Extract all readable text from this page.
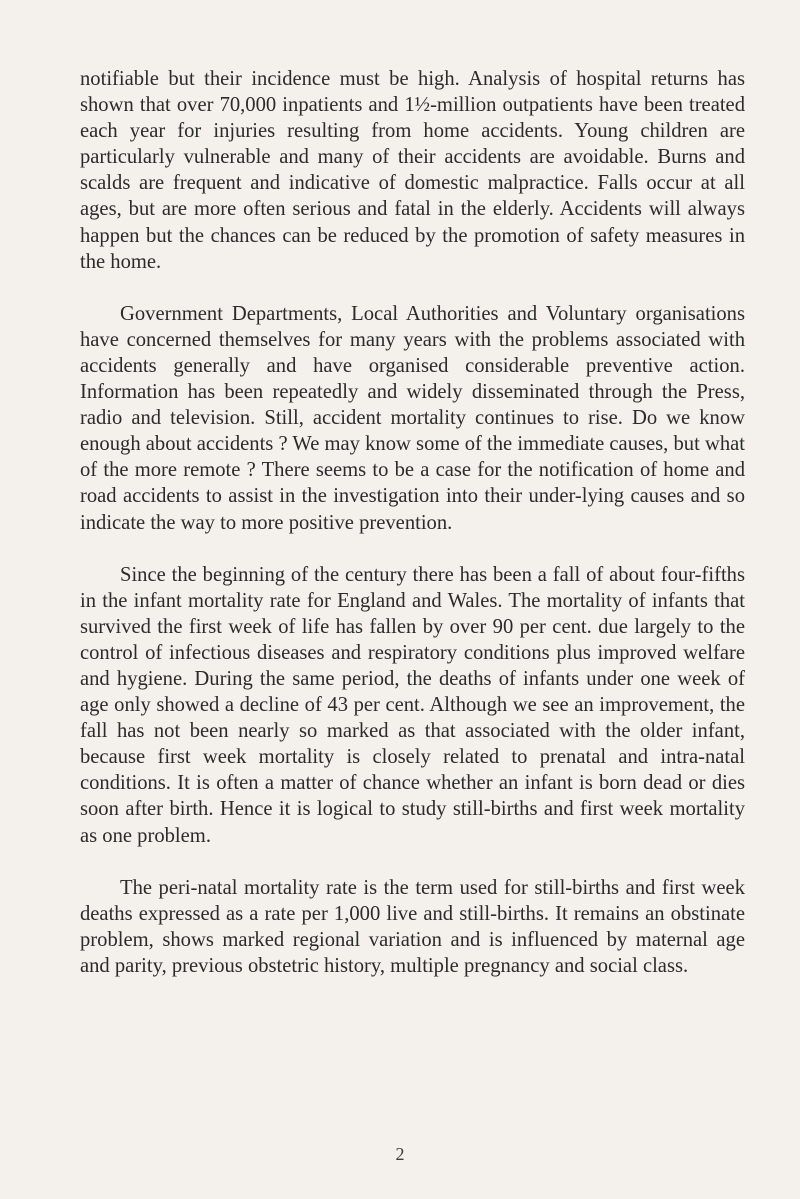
notifiable but their incidence must be high. Analysis of hospital returns has shown that over 70,000 inpatients and 1½-million outpatients have been treated each year for injuries resulting from home accidents. Young children are particularly vulnerable and many of their accidents are avoidable. Burns and scalds are frequent and indicative of domestic malpractice. Falls occur at all ages, but are more often serious and fatal in the elderly. Accidents will always happen but the chances can be reduced by the promotion of safety measures in the home.

Government Departments, Local Authorities and Voluntary organisations have concerned themselves for many years with the problems associated with accidents generally and have organised considerable preventive action. Information has been repeatedly and widely disseminated through the Press, radio and television. Still, accident mortality continues to rise. Do we know enough about accidents ? We may know some of the immediate causes, but what of the more remote ? There seems to be a case for the notification of home and road accidents to assist in the investigation into their under-lying causes and so indicate the way to more positive prevention.

Since the beginning of the century there has been a fall of about four-fifths in the infant mortality rate for England and Wales. The mortality of infants that survived the first week of life has fallen by over 90 per cent. due largely to the control of infectious diseases and respiratory conditions plus improved welfare and hygiene. During the same period, the deaths of infants under one week of age only showed a decline of 43 per cent. Although we see an improvement, the fall has not been nearly so marked as that associated with the older infant, because first week mortality is closely related to prenatal and intra-natal conditions. It is often a matter of chance whether an infant is born dead or dies soon after birth. Hence it is logical to study still-births and first week mortality as one problem.

The peri-natal mortality rate is the term used for still-births and first week deaths expressed as a rate per 1,000 live and still-births. It remains an obstinate problem, shows marked regional variation and is influenced by maternal age and parity, previous obstetric history, multiple pregnancy and social class.

2
